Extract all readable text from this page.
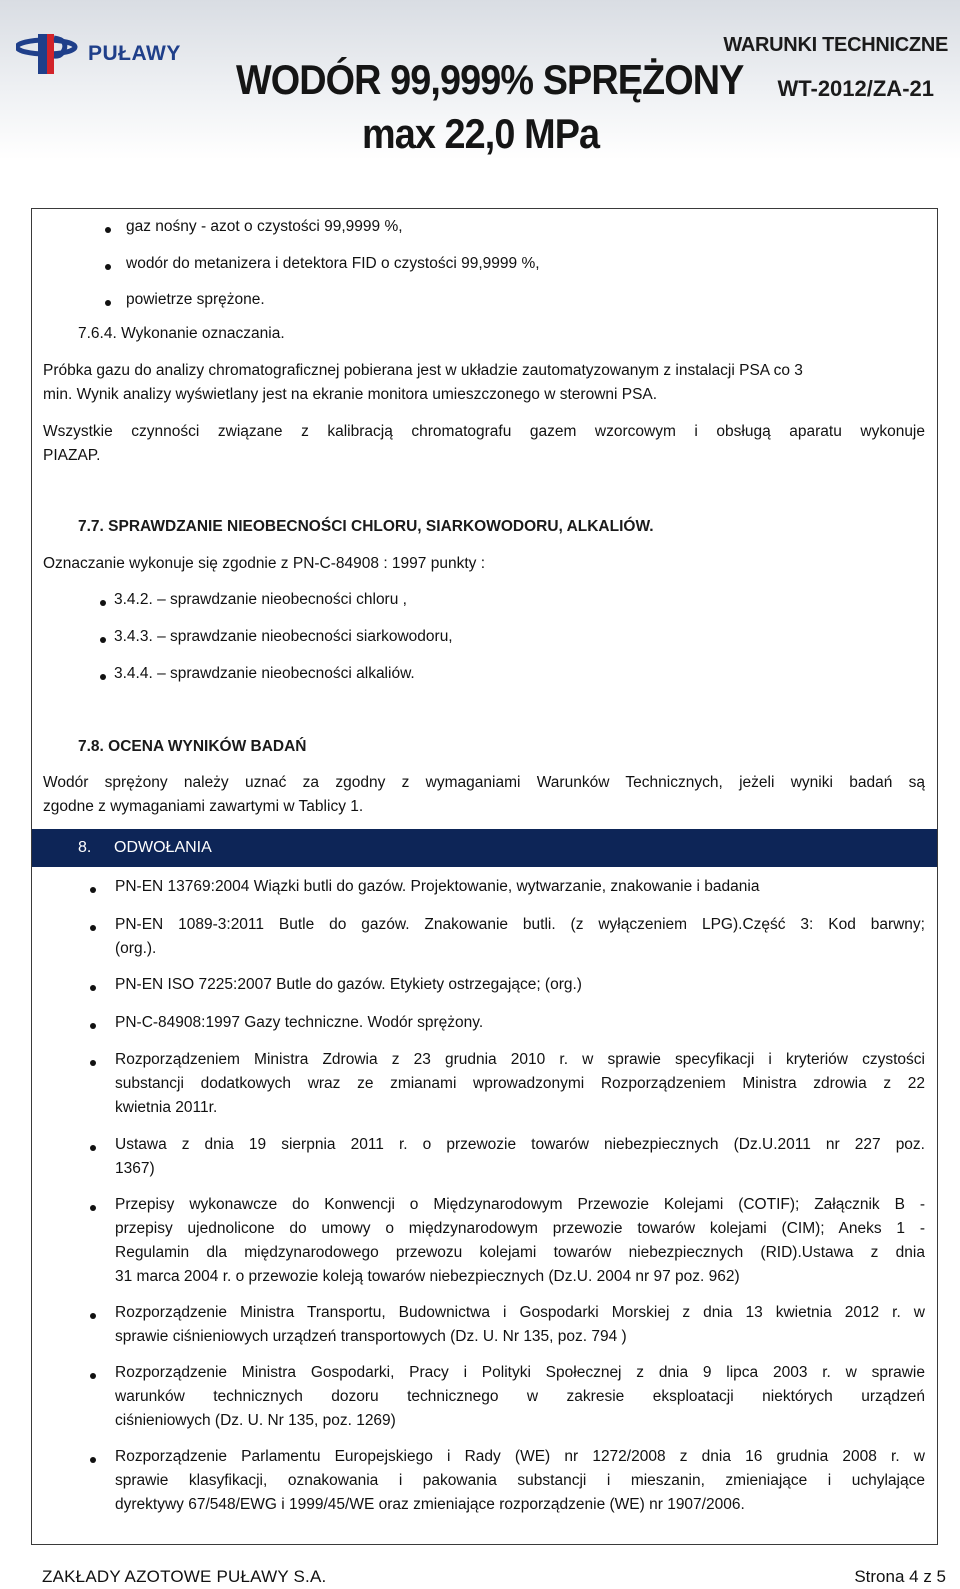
PUŁAWY	WARUNKI TECHNICZNE
WT-2012/ZA-21
WODÓR 99,999% SPRĘŻONY
max 22,0 MPa
gaz nośny - azot o czystości 99,9999 %,
wodór do metanizera i detektora FID o czystości 99,9999 %,
powietrze sprężone.
7.6.4. Wykonanie oznaczania.
Próbka gazu do analizy chromatograficznej pobierana jest w układzie zautomatyzowanym z instalacji PSA co 3
min. Wynik analizy wyświetlany jest na ekranie monitora umieszczonego w sterowni PSA.
Wszystkie czynności związane z kalibracją chromatografu gazem wzorcowym i obsługą aparatu wykonuje
PIAZAP.
7.7. SPRAWDZANIE NIEOBECNOŚCI CHLORU, SIARKOWODORU, ALKALIÓW.
Oznaczanie wykonuje się zgodnie z PN-C-84908 : 1997 punkty :
3.4.2. – sprawdzanie nieobecności chloru ,
3.4.3. – sprawdzanie nieobecności siarkowodoru,
3.4.4. – sprawdzanie nieobecności alkaliów.
7.8. OCENA WYNIKÓW BADAŃ
Wodór sprężony należy uznać za zgodny z wymaganiami Warunków Technicznych, jeżeli wyniki badań są
zgodne z wymaganiami zawartymi w Tablicy 1.
8. ODWOŁANIA
PN-EN 13769:2004 Wiązki butli do gazów. Projektowanie, wytwarzanie, znakowanie i badania
PN-EN 1089-3:2011 Butle do gazów. Znakowanie butli. (z wyłączeniem LPG).Część 3: Kod barwny;
(org.).
PN-EN ISO 7225:2007 Butle do gazów. Etykiety ostrzegające; (org.)
PN-C-84908:1997 Gazy techniczne. Wodór sprężony.
Rozporządzeniem Ministra Zdrowia z 23 grudnia 2010 r. w sprawie specyfikacji i kryteriów czystości
substancji dodatkowych wraz ze zmianami wprowadzonymi Rozporządzeniem Ministra zdrowia z 22
kwietnia 2011r.
Ustawa z dnia 19 sierpnia 2011 r. o przewozie towarów niebezpiecznych (Dz.U.2011 nr 227 poz.
1367)
Przepisy wykonawcze do Konwencji o Międzynarodowym Przewozie Kolejami (COTIF); Załącznik B -
przepisy ujednolicone do umowy o międzynarodowym przewozie towarów kolejami (CIM); Aneks 1 -
Regulamin dla międzynarodowego przewozu kolejami towarów niebezpiecznych (RID).Ustawa z dnia
31 marca 2004 r. o przewozie koleją towarów niebezpiecznych (Dz.U. 2004 nr 97 poz. 962)
Rozporządzenie Ministra Transportu, Budownictwa i Gospodarki Morskiej z dnia 13 kwietnia 2012 r. w
sprawie ciśnieniowych urządzeń transportowych (Dz. U. Nr 135, poz. 794 )
Rozporządzenie Ministra Gospodarki, Pracy i Polityki Społecznej z dnia 9 lipca 2003 r. w sprawie
warunków technicznych dozoru technicznego w zakresie eksploatacji niektórych urządzeń
ciśnieniowych (Dz. U. Nr 135, poz. 1269)
Rozporządzenie Parlamentu Europejskiego i Rady (WE) nr 1272/2008 z dnia 16 grudnia 2008 r. w
sprawie klasyfikacji, oznakowania i pakowania substancji i mieszanin, zmieniające i uchylające
dyrektywy 67/548/EWG i 1999/45/WE oraz zmieniające rozporządzenie (WE) nr 1907/2006.
ZAKŁADY AZOTOWE PUŁAWY S.A.	Strona 4 z 5
